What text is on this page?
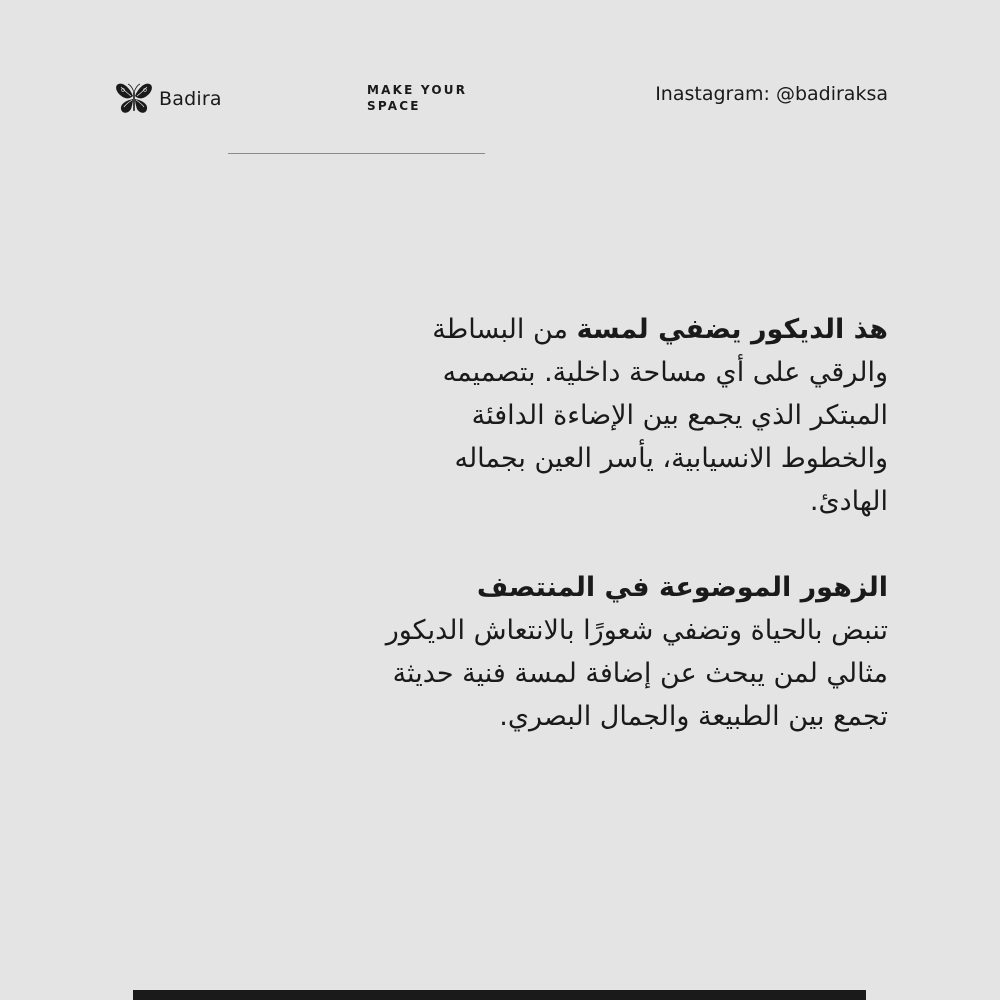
Badira	MAKE YOUR
SPACE
Inastagram: @badiraksa

هذ الديكور يضفي لمسة من البساطة
والرقي على أي مساحة داخلية. بتصميمه
المبتكر الذي يجمع بين الإضاءة الدافئة
والخطوط الانسيابية، يأسر العين بجماله
الهادئ.

الزهور الموضوعة في المنتصف
تنبض بالحياة وتضفي شعورًا بالانتعاش الديكور
مثالي لمن يبحث عن إضافة لمسة فنية حديثة
تجمع بين الطبيعة والجمال البصري.
